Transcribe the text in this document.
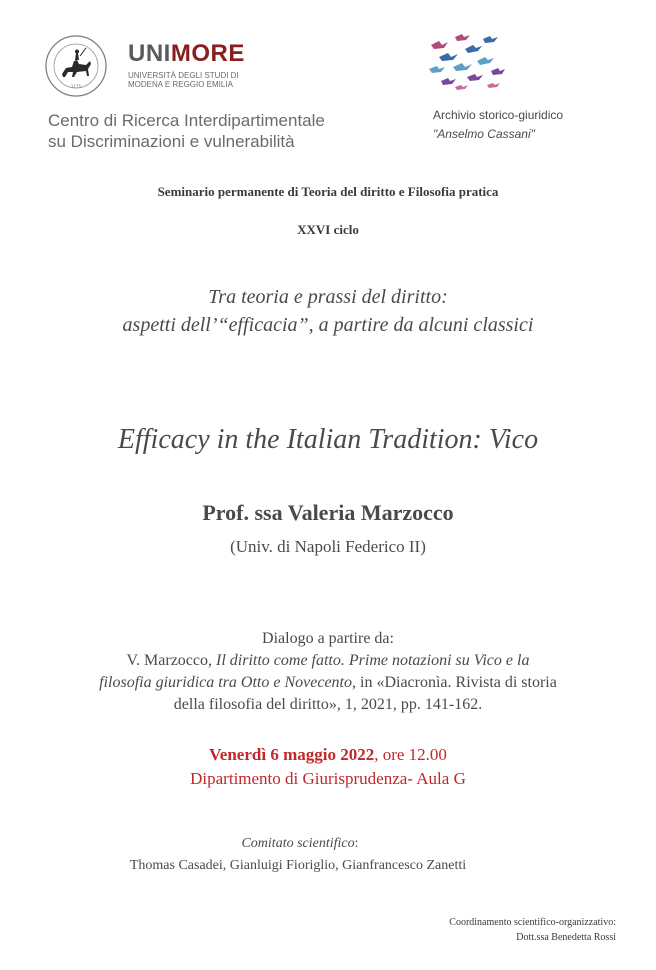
1175
UNIMORE
UNIVERSITÀ DEGLI STUDI DI
MODENA E REGGIO EMILIA
Centro di Ricerca Interdipartimentale
su Discriminazioni e vulnerabilità
Archivio storico-giuridico
"Anselmo Cassani"
Seminario permanente di Teoria del diritto e Filosofia pratica
XXVI ciclo
Tra teoria e prassi del diritto:
aspetti dell’“efficacia”, a partire da alcuni classici
Efficacy in the Italian Tradition: Vico
Prof. ssa Valeria Marzocco
(Univ. di Napoli Federico II)
Dialogo a partire da:
V. Marzocco, Il diritto come fatto. Prime notazioni su Vico e la
filosofia giuridica tra Otto e Novecento, in «Diacronìa. Rivista di storia
della filosofia del diritto», 1, 2021, pp. 141-162.
Venerdì 6 maggio 2022, ore 12.00
Dipartimento di Giurisprudenza- Aula G
Comitato scientifico:
Thomas Casadei, Gianluigi Fioriglio, Gianfrancesco Zanetti
Coordinamento scientifico-organizzativo:
Dott.ssa Benedetta Rossi
